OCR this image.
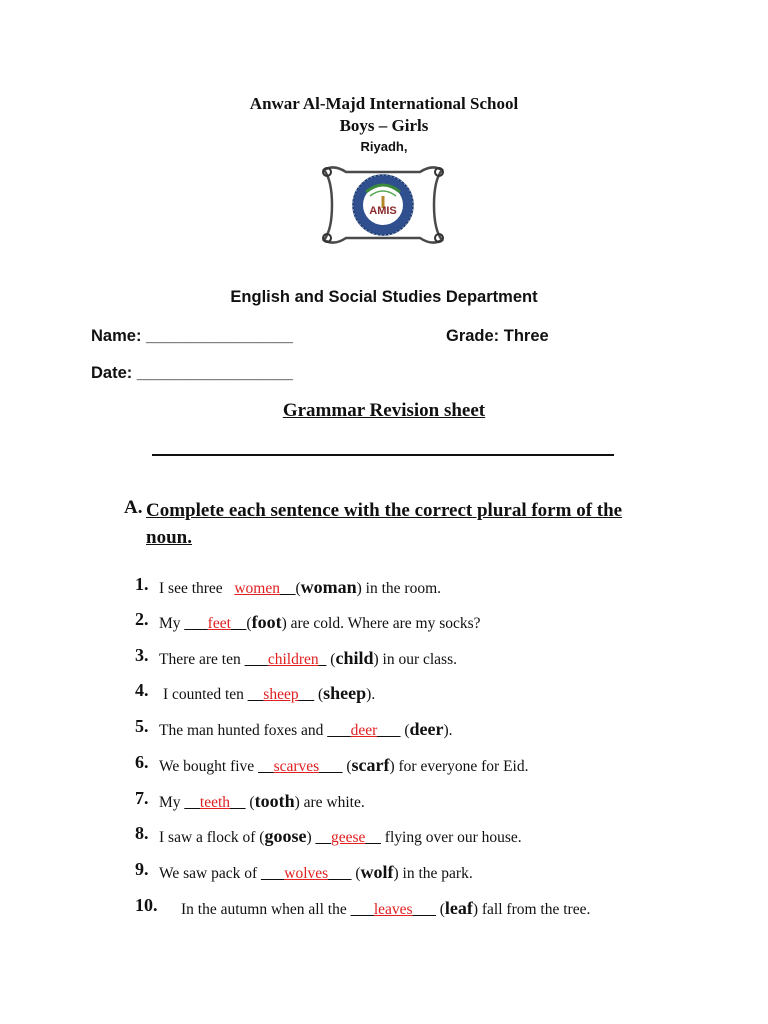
Anwar Al-Majd International School
Boys – Girls
Riyadh,
AMIS
English and Social Studies Department
Name: ________________	Grade: Three
Date: _________________
Grammar Revision sheet
A. Complete each sentence with the correct plural form of the noun.
1. I see three women__(woman) in the room.
2. My ___feet__(foot) are cold. Where are my socks?
3. There are ten ___children_ (child) in our class.
4. I counted ten __sheep__ (sheep).
5. The man hunted foxes and ___deer___ (deer).
6. We bought five __scarves___ (scarf) for everyone for Eid.
7. My __teeth__ (tooth) are white.
8. I saw a flock of (goose) __geese__ flying over our house.
9. We saw pack of ___wolves___ (wolf) in the park.
10. In the autumn when all the ___leaves___ (leaf) fall from the tree.
